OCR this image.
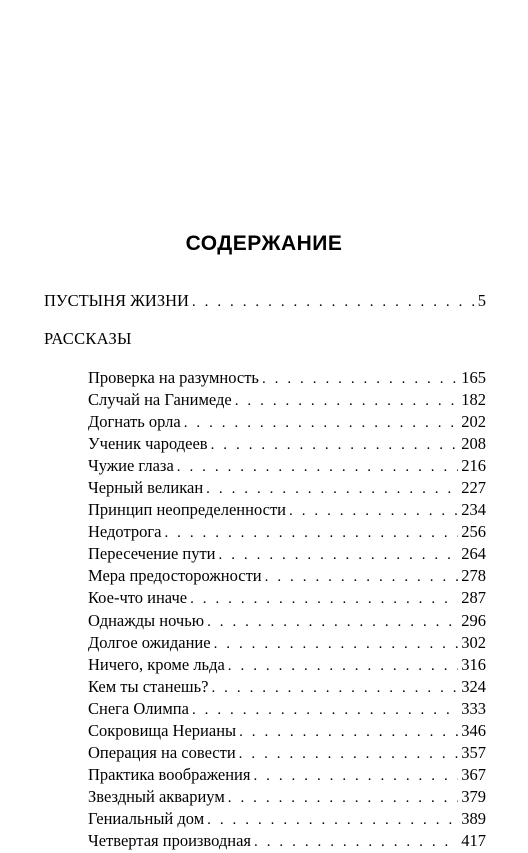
СОДЕРЖАНИЕ
ПУСТЫНЯ ЖИЗНИ . . .	5
РАССКАЗЫ
Проверка на разумность . . .	165
Случай на Ганимеде . . .	182
Догнать орла . . .	202
Ученик чародеев . . .	208
Чужие глаза . . .	216
Черный великан . . .	227
Принцип неопределенности . . .	234
Недотрога . . .	256
Пересечение пути . . .	264
Мера предосторожности . . .	278
Кое-что иначе . . .	287
Однажды ночью . . .	296
Долгое ожидание . . .	302
Ничего, кроме льда . . .	316
Кем ты станешь? . . .	324
Снега Олимпа . . .	333
Сокровища Нерианы . . .	346
Операция на совести . . .	357
Практика воображения . . .	367
Звездный аквариум . . .	379
Гениальный дом . . .	389
Четвертая производная . . .	417
